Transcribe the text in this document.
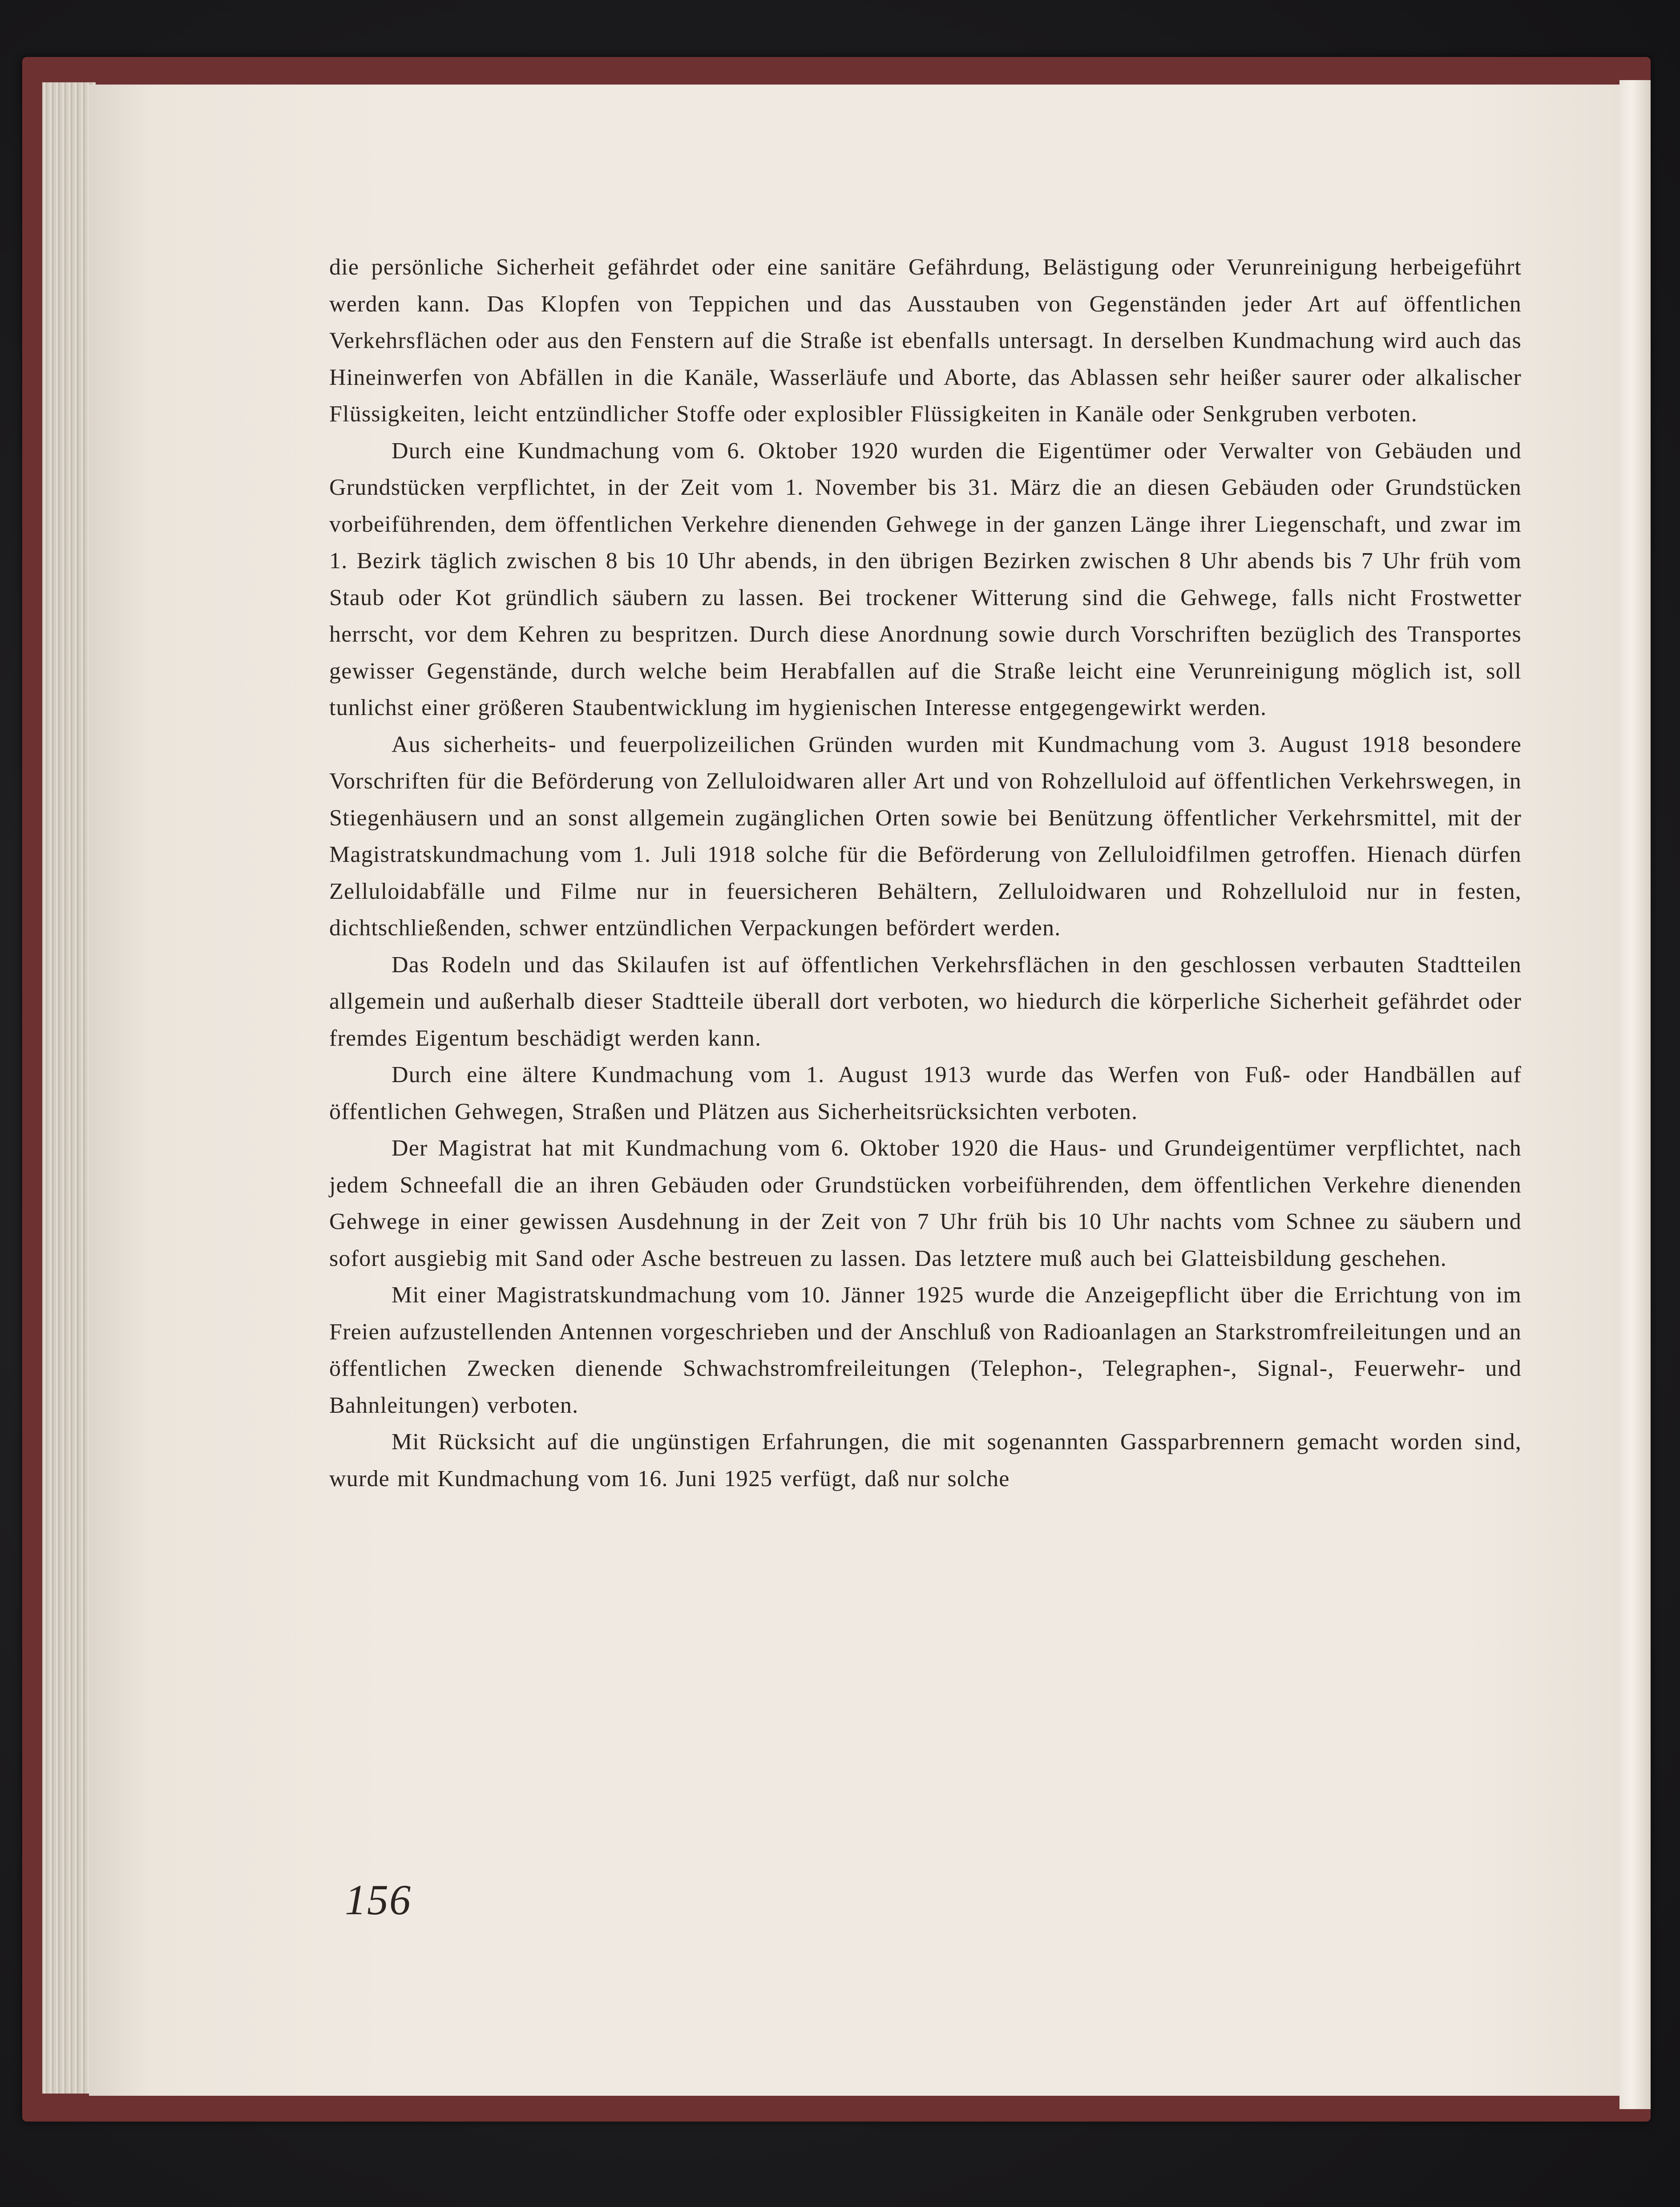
die persönliche Sicherheit gefährdet oder eine sanitäre Gefährdung, Belästigung oder Verunreinigung herbeigeführt werden kann. Das Klopfen von Teppichen und das Ausstauben von Gegenständen jeder Art auf öffentlichen Verkehrsflächen oder aus den Fenstern auf die Straße ist ebenfalls untersagt. In derselben Kundmachung wird auch das Hineinwerfen von Abfällen in die Kanäle, Wasserläufe und Aborte, das Ablassen sehr heißer saurer oder alkalischer Flüssigkeiten, leicht entzündlicher Stoffe oder explosibler Flüssigkeiten in Kanäle oder Senkgruben verboten.

Durch eine Kundmachung vom 6. Oktober 1920 wurden die Eigentümer oder Verwalter von Gebäuden und Grundstücken verpflichtet, in der Zeit vom 1. November bis 31. März die an diesen Gebäuden oder Grundstücken vorbeiführenden, dem öffentlichen Verkehre dienenden Gehwege in der ganzen Länge ihrer Liegenschaft, und zwar im 1. Bezirk täglich zwischen 8 bis 10 Uhr abends, in den übrigen Bezirken zwischen 8 Uhr abends bis 7 Uhr früh vom Staub oder Kot gründlich säubern zu lassen. Bei trockener Witterung sind die Gehwege, falls nicht Frostwetter herrscht, vor dem Kehren zu bespritzen. Durch diese Anordnung sowie durch Vorschriften bezüglich des Transportes gewisser Gegenstände, durch welche beim Herabfallen auf die Straße leicht eine Verunreinigung möglich ist, soll tunlichst einer größeren Staubentwicklung im hygienischen Interesse entgegengewirkt werden.

Aus sicherheits- und feuerpolizeilichen Gründen wurden mit Kundmachung vom 3. August 1918 besondere Vorschriften für die Beförderung von Zelluloidwaren aller Art und von Rohzelluloid auf öffentlichen Verkehrswegen, in Stiegenhäusern und an sonst allgemein zugänglichen Orten sowie bei Benützung öffentlicher Verkehrsmittel, mit der Magistratskundmachung vom 1. Juli 1918 solche für die Beförderung von Zelluloidfilmen getroffen. Hienach dürfen Zelluloidabfälle und Filme nur in feuersicheren Behältern, Zelluloidwaren und Rohzelluloid nur in festen, dichtschließenden, schwer entzündlichen Verpackungen befördert werden.

Das Rodeln und das Skilaufen ist auf öffentlichen Verkehrsflächen in den geschlossen verbauten Stadtteilen allgemein und außerhalb dieser Stadtteile überall dort verboten, wo hiedurch die körperliche Sicherheit gefährdet oder fremdes Eigentum beschädigt werden kann.

Durch eine ältere Kundmachung vom 1. August 1913 wurde das Werfen von Fuß- oder Handbällen auf öffentlichen Gehwegen, Straßen und Plätzen aus Sicherheitsrücksichten verboten.

Der Magistrat hat mit Kundmachung vom 6. Oktober 1920 die Haus- und Grundeigentümer verpflichtet, nach jedem Schneefall die an ihren Gebäuden oder Grundstücken vorbeiführenden, dem öffentlichen Verkehre dienenden Gehwege in einer gewissen Ausdehnung in der Zeit von 7 Uhr früh bis 10 Uhr nachts vom Schnee zu säubern und sofort ausgiebig mit Sand oder Asche bestreuen zu lassen. Das letztere muß auch bei Glatteisbildung geschehen.

Mit einer Magistratskundmachung vom 10. Jänner 1925 wurde die Anzeigepflicht über die Errichtung von im Freien aufzustellenden Antennen vorgeschrieben und der Anschluß von Radioanlagen an Starkstromfreileitungen und an öffentlichen Zwecken dienende Schwachstromfreileitungen (Telephon-, Telegraphen-, Signal-, Feuerwehr- und Bahnleitungen) verboten.

Mit Rücksicht auf die ungünstigen Erfahrungen, die mit sogenannten Gassparbrennern gemacht worden sind, wurde mit Kundmachung vom 16. Juni 1925 verfügt, daß nur solche

156
